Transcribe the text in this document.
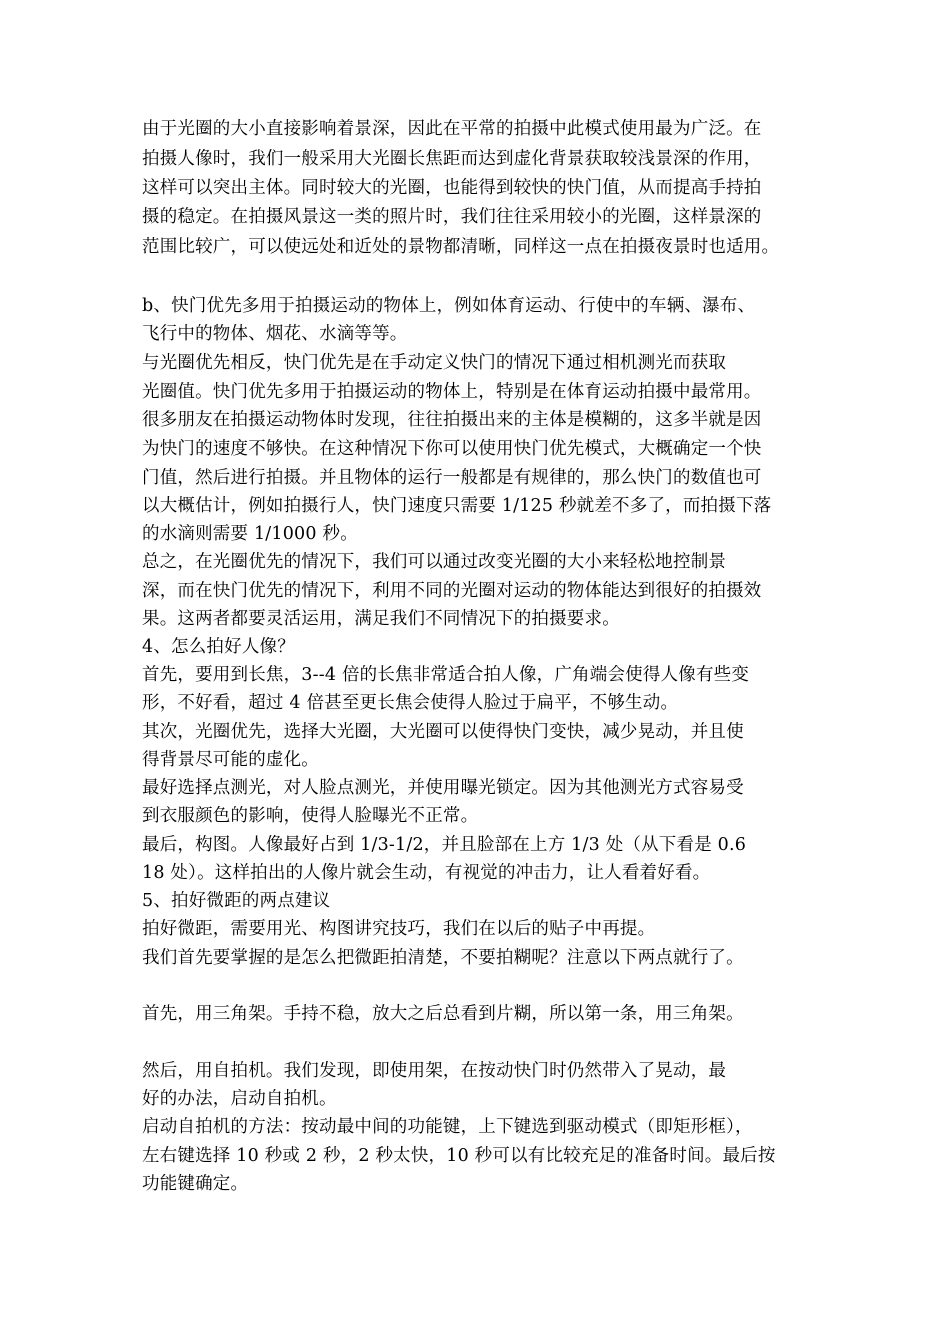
由于光圈的大小直接影响着景深，因此在平常的拍摄中此模式使用最为广泛。在
拍摄人像时，我们一般采用大光圈长焦距而达到虚化背景获取较浅景深的作用，
这样可以突出主体。同时较大的光圈，也能得到较快的快门值，从而提高手持拍
摄的稳定。在拍摄风景这一类的照片时，我们往往采用较小的光圈，这样景深的
范围比较广，可以使远处和近处的景物都清晰，同样这一点在拍摄夜景时也适用。
b、快门优先多用于拍摄运动的物体上，例如体育运动、行使中的车辆、瀑布、
飞行中的物体、烟花、水滴等等。
与光圈优先相反，快门优先是在手动定义快门的情况下通过相机测光而获取
光圈值。快门优先多用于拍摄运动的物体上，特别是在体育运动拍摄中最常用。
很多朋友在拍摄运动物体时发现，往往拍摄出来的主体是模糊的，这多半就是因
为快门的速度不够快。在这种情况下你可以使用快门优先模式，大概确定一个快
门值，然后进行拍摄。并且物体的运行一般都是有规律的，那么快门的数值也可
以大概估计，例如拍摄行人，快门速度只需要 1/125 秒就差不多了，而拍摄下落
的水滴则需要 1/1000 秒。
总之，在光圈优先的情况下，我们可以通过改变光圈的大小来轻松地控制景
深，而在快门优先的情况下，利用不同的光圈对运动的物体能达到很好的拍摄效
果。这两者都要灵活运用，满足我们不同情况下的拍摄要求。
4、怎么拍好人像？
首先，要用到长焦，3--4 倍的长焦非常适合拍人像，广角端会使得人像有些变
形，不好看，超过 4 倍甚至更长焦会使得人脸过于扁平，不够生动。
其次，光圈优先，选择大光圈，大光圈可以使得快门变快，减少晃动，并且使
得背景尽可能的虚化。
最好选择点测光，对人脸点测光，并使用曝光锁定。因为其他测光方式容易受
到衣服颜色的影响，使得人脸曝光不正常。
最后，构图。人像最好占到 1/3-1/2，并且脸部在上方 1/3 处（从下看是 0.6
18 处）。这样拍出的人像片就会生动，有视觉的冲击力，让人看着好看。
5、拍好微距的两点建议
拍好微距，需要用光、构图讲究技巧，我们在以后的贴子中再提。
我们首先要掌握的是怎么把微距拍清楚，不要拍糊呢？注意以下两点就行了。
首先，用三角架。手持不稳，放大之后总看到片糊，所以第一条，用三角架。
然后，用自拍机。我们发现，即使用架，在按动快门时仍然带入了晃动，最
好的办法，启动自拍机。
启动自拍机的方法：按动最中间的功能键，上下键选到驱动模式（即矩形框），
左右键选择 10 秒或 2 秒，2 秒太快，10 秒可以有比较充足的准备时间。最后按
功能键确定。
